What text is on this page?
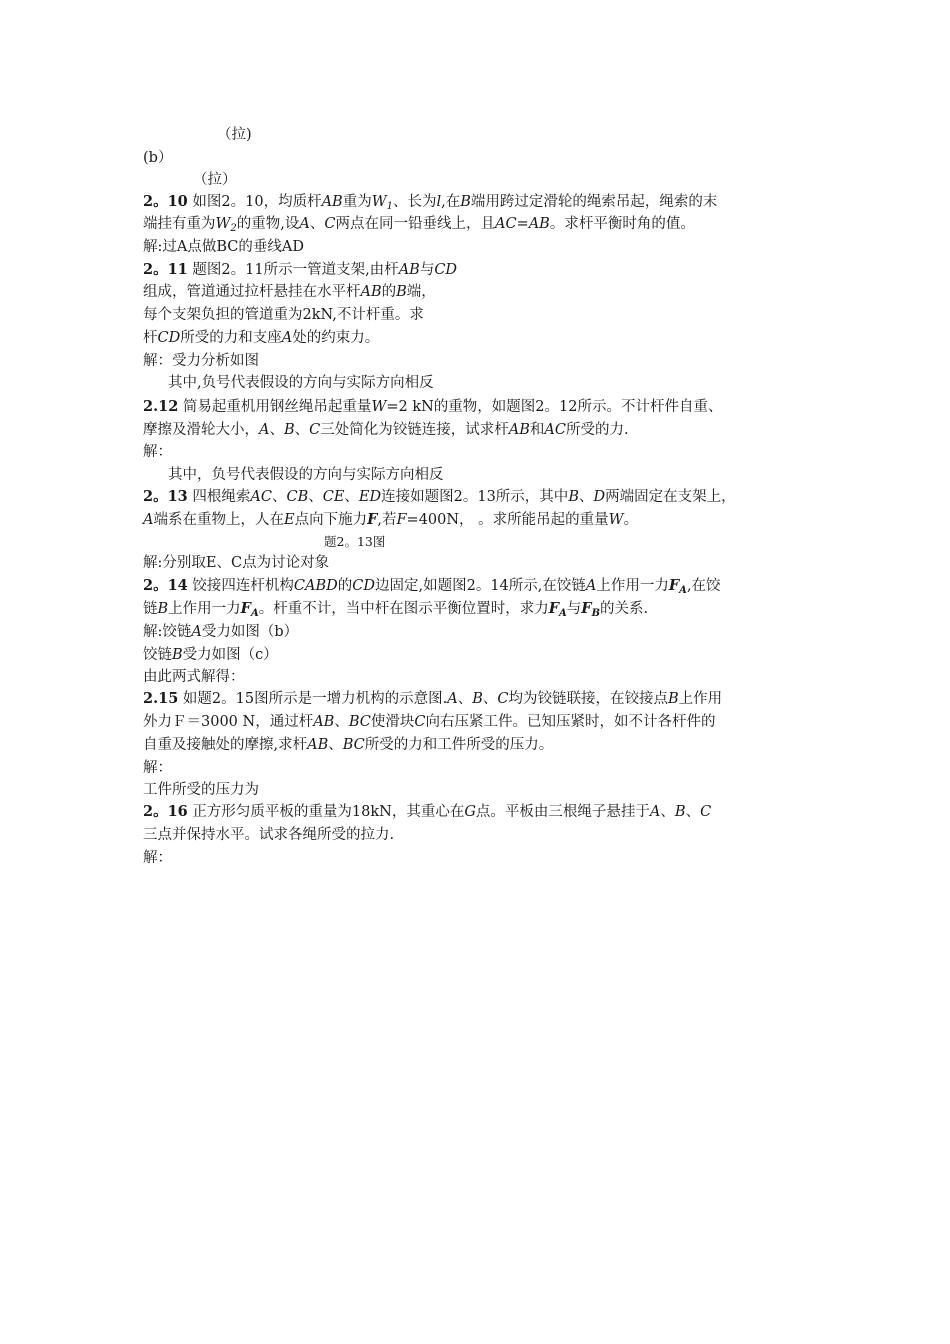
（拉)
(b）
（拉）
2。10 如图2。10，均质杆AB重为$W_1$、长为l,在B端用跨过定滑轮的绳索吊起，绳索的末
端挂有重为$W_2$的重物,设A、C两点在同一铅垂线上，且AC=AB。求杆平衡时角的值。
解:过A点做BC的垂线AD
2。11 题图2。11所示一管道支架,由杆AB与CD
组成，管道通过拉杆悬挂在水平杆AB的B端，
每个支架负担的管道重为2kN,不计杆重。求
杆CD所受的力和支座A处的约束力。
解：受力分析如图
其中,负号代表假设的方向与实际方向相反
2.12 简易起重机用钢丝绳吊起重量W=2 kN的重物，如题图2。12所示。不计杆件自重、
摩擦及滑轮大小，A、B、C三处简化为铰链连接，试求杆AB和AC所受的力.
解：
其中，负号代表假设的方向与实际方向相反
2。13 四根绳索AC、CB、CE、ED连接如题图2。13所示，其中B、D两端固定在支架上，
A端系在重物上，人在E点向下施力F,若F=400N， 。求所能吊起的重量W。
题2。13图
解:分别取E、C点为讨论对象
2。14 饺接四连杆机构CABD的CD边固定,如题图2。14所示,在饺链A上作用一力$F_A$,在饺
链B上作用一力$F_A$。杆重不计，当中杆在图示平衡位置时，求力$F_A$与$F_B$的关系.
解:饺链A受力如图（b）
饺链B受力如图（c）
由此两式解得：
2.15 如题2。15图所示是一增力机构的示意图.A、B、C均为铰链联接，在铰接点B上作用
外力Ｆ＝3000 N，通过杆AB、BC使滑块C向右压紧工件。已知压紧时，如不计各杆件的
自重及接触处的摩擦,求杆AB、BC所受的力和工件所受的压力。
解：
工件所受的压力为
2。16 正方形匀质平板的重量为18kN，其重心在G点。平板由三根绳子悬挂于A、B、C
三点并保持水平。试求各绳所受的拉力.
解：
